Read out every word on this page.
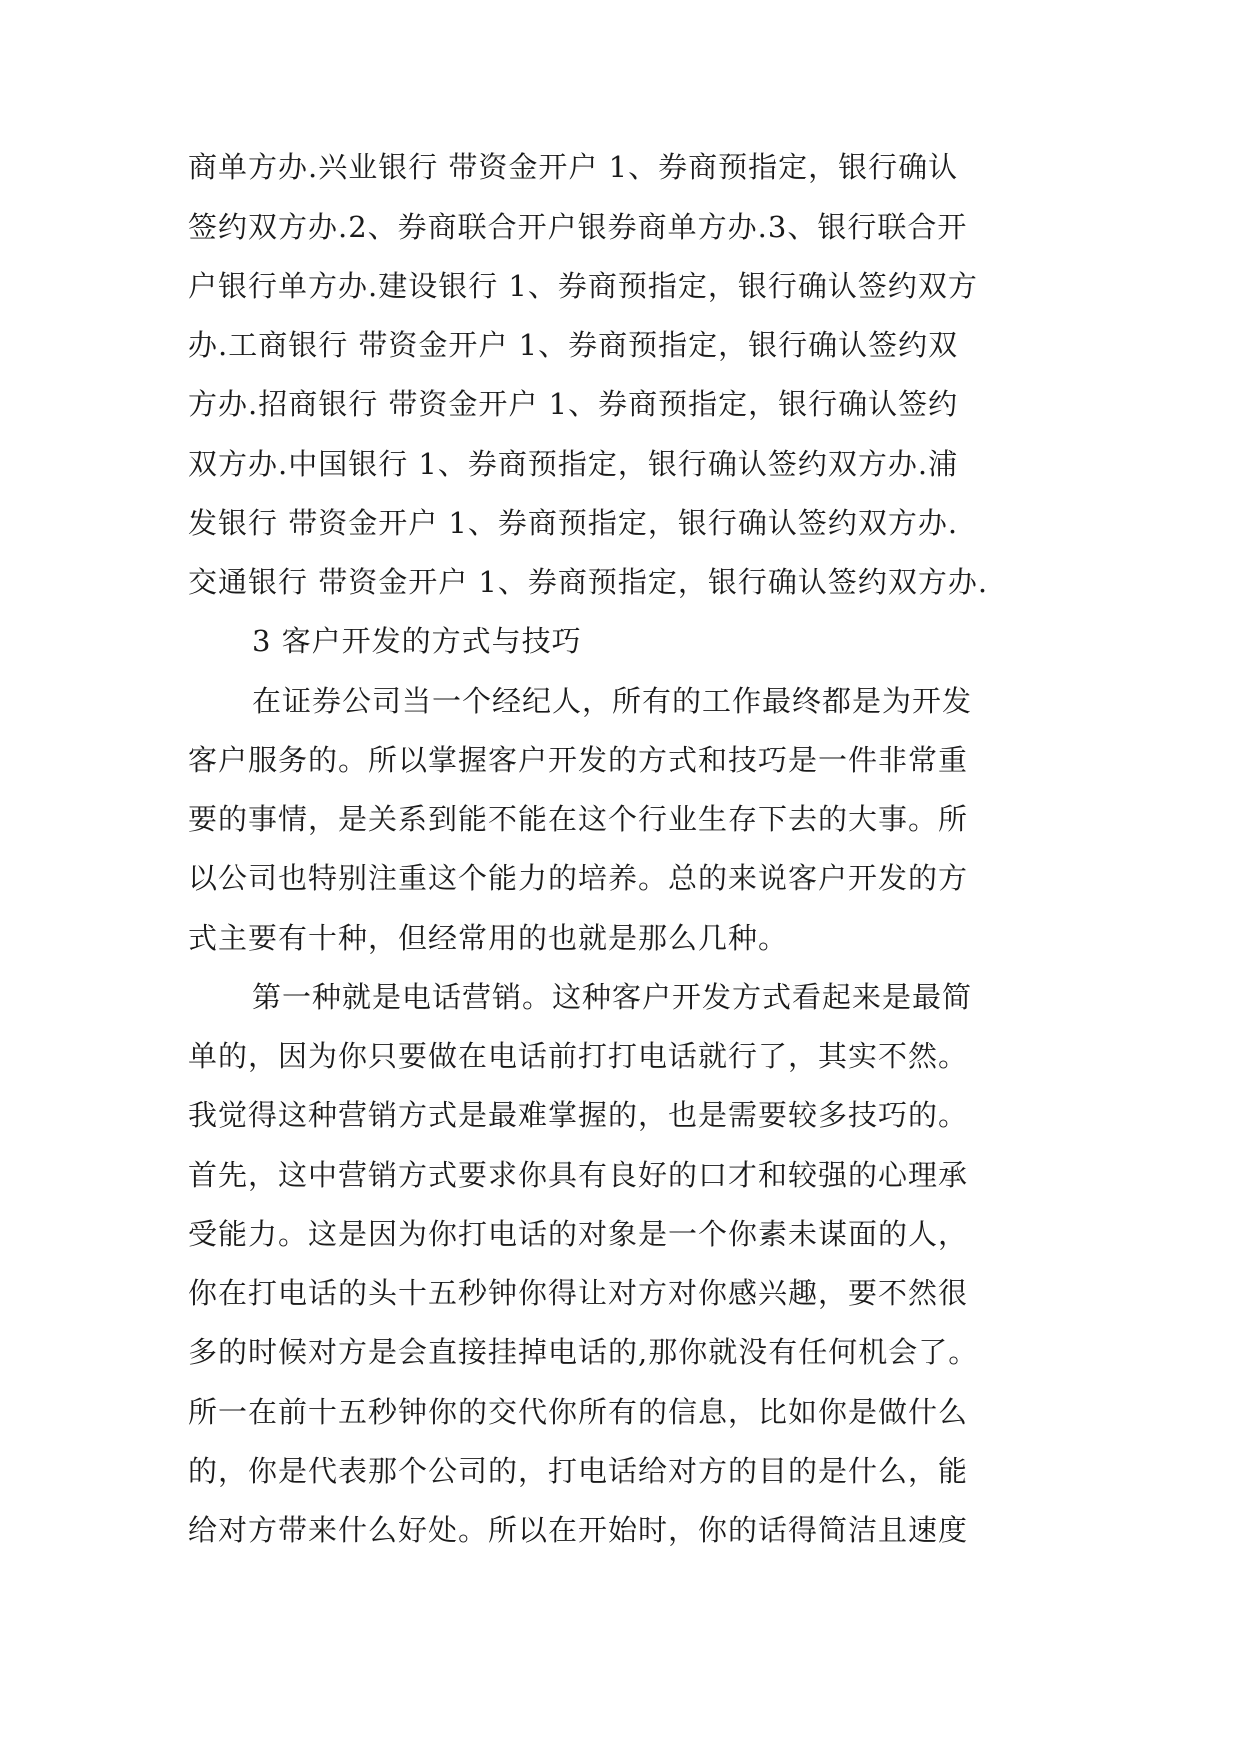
商单方办.兴业银行 带资金开户 1、券商预指定，银行确认
签约双方办.2、券商联合开户银券商单方办.3、银行联合开
户银行单方办.建设银行 1、券商预指定，银行确认签约双方
办.工商银行 带资金开户 1、券商预指定，银行确认签约双
方办.招商银行 带资金开户 1、券商预指定，银行确认签约
双方办.中国银行 1、券商预指定，银行确认签约双方办.浦
发银行 带资金开户 1、券商预指定，银行确认签约双方办.
交通银行 带资金开户 1、券商预指定，银行确认签约双方办.
3 客户开发的方式与技巧
在证券公司当一个经纪人，所有的工作最终都是为开发
客户服务的。所以掌握客户开发的方式和技巧是一件非常重
要的事情，是关系到能不能在这个行业生存下去的大事。所
以公司也特别注重这个能力的培养。总的来说客户开发的方
式主要有十种，但经常用的也就是那么几种。
第一种就是电话营销。这种客户开发方式看起来是最简
单的，因为你只要做在电话前打打电话就行了，其实不然。
我觉得这种营销方式是最难掌握的，也是需要较多技巧的。
首先，这中营销方式要求你具有良好的口才和较强的心理承
受能力。这是因为你打电话的对象是一个你素未谋面的人，
你在打电话的头十五秒钟你得让对方对你感兴趣，要不然很
多的时候对方是会直接挂掉电话的,那你就没有任何机会了。
所一在前十五秒钟你的交代你所有的信息，比如你是做什么
的，你是代表那个公司的，打电话给对方的目的是什么，能
给对方带来什么好处。所以在开始时，你的话得简洁且速度
